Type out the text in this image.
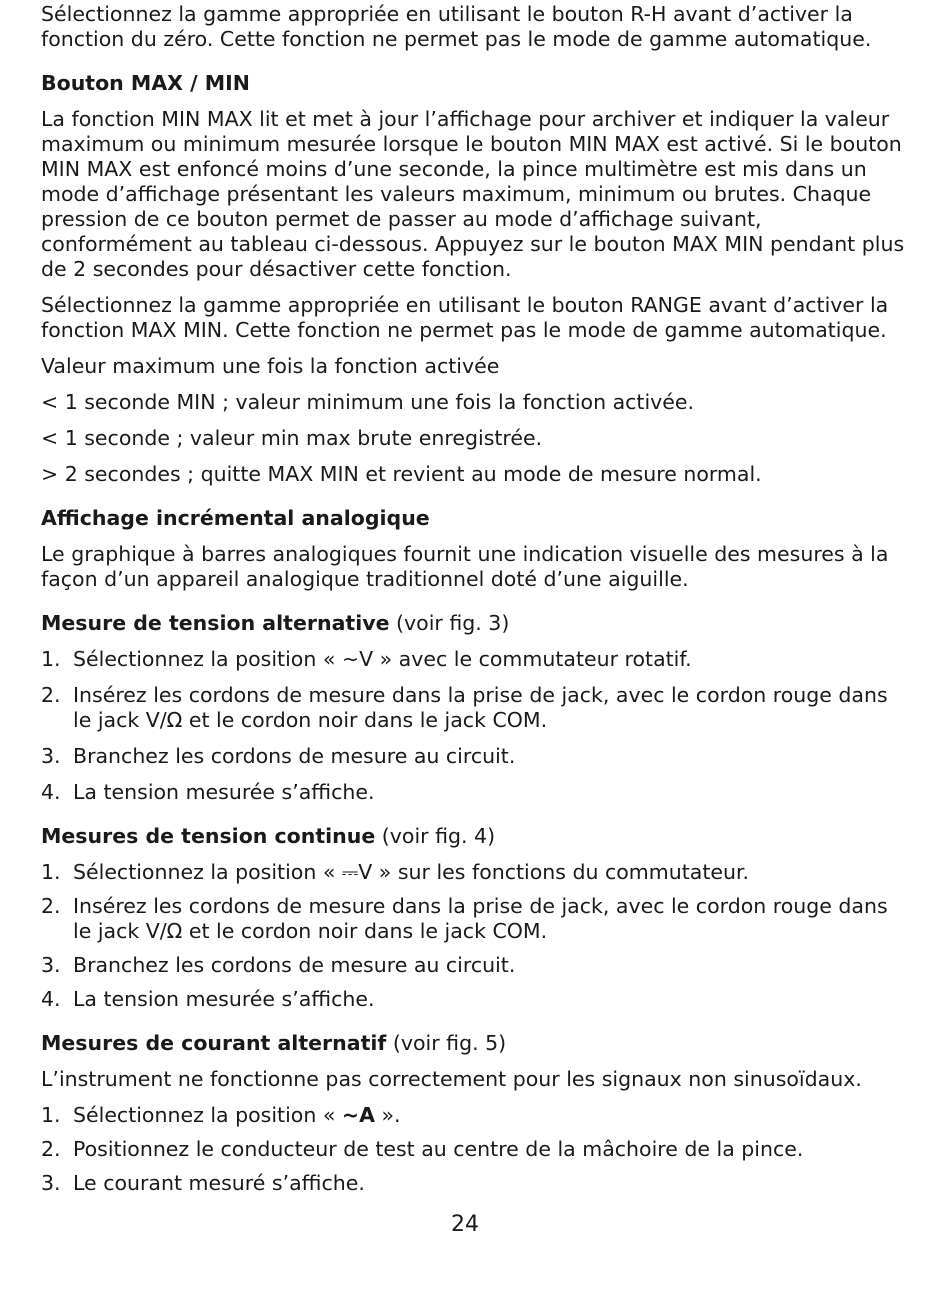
Sélectionnez la gamme appropriée en utilisant le bouton R-H avant d’activer la fonction du zéro. Cette fonction ne permet pas le mode de gamme automatique.

Bouton MAX / MIN

La fonction MIN MAX lit et met à jour l’affichage pour archiver et indiquer la valeur maximum ou minimum mesurée lorsque le bouton MIN MAX est activé. Si le bouton MIN MAX est enfoncé moins d’une seconde, la pince multimètre est mis dans un mode d’affichage présentant les valeurs maximum, minimum ou brutes. Chaque pression de ce bouton permet de passer au mode d’affichage suivant, conformément au tableau ci-dessous. Appuyez sur le bouton MAX MIN pendant plus de 2 secondes pour désactiver cette fonction.

Sélectionnez la gamme appropriée en utilisant le bouton RANGE avant d’activer la fonction MAX MIN. Cette fonction ne permet pas le mode de gamme automatique.

Valeur maximum une fois la fonction activée

< 1 seconde MIN ; valeur minimum une fois la fonction activée.

< 1 seconde ; valeur min max brute enregistrée.

> 2 secondes ; quitte MAX MIN et revient au mode de mesure normal.

Affichage incrémental analogique

Le graphique à barres analogiques fournit une indication visuelle des mesures à la façon d’un appareil analogique traditionnel doté d’une aiguille.

Mesure de tension alternative (voir fig. 3)
1. Sélectionnez la position « ~V » avec le commutateur rotatif.
2. Insérez les cordons de mesure dans la prise de jack, avec le cordon rouge dans le jack V/Ω et le cordon noir dans le jack COM.
3. Branchez les cordons de mesure au circuit.
4. La tension mesurée s’affiche.
Mesures de tension continue (voir fig. 4)
1. Sélectionnez la position « ⎓V » sur les fonctions du commutateur.
2. Insérez les cordons de mesure dans la prise de jack, avec le cordon rouge dans le jack V/Ω et le cordon noir dans le jack COM.
3. Branchez les cordons de mesure au circuit.
4. La tension mesurée s’affiche.
Mesures de courant alternatif (voir fig. 5)

L’instrument ne fonctionne pas correctement pour les signaux non sinusoïdaux.

1. Sélectionnez la position « ~A ».
2. Positionnez le conducteur de test au centre de la mâchoire de la pince.
3. Le courant mesuré s’affiche.
24
